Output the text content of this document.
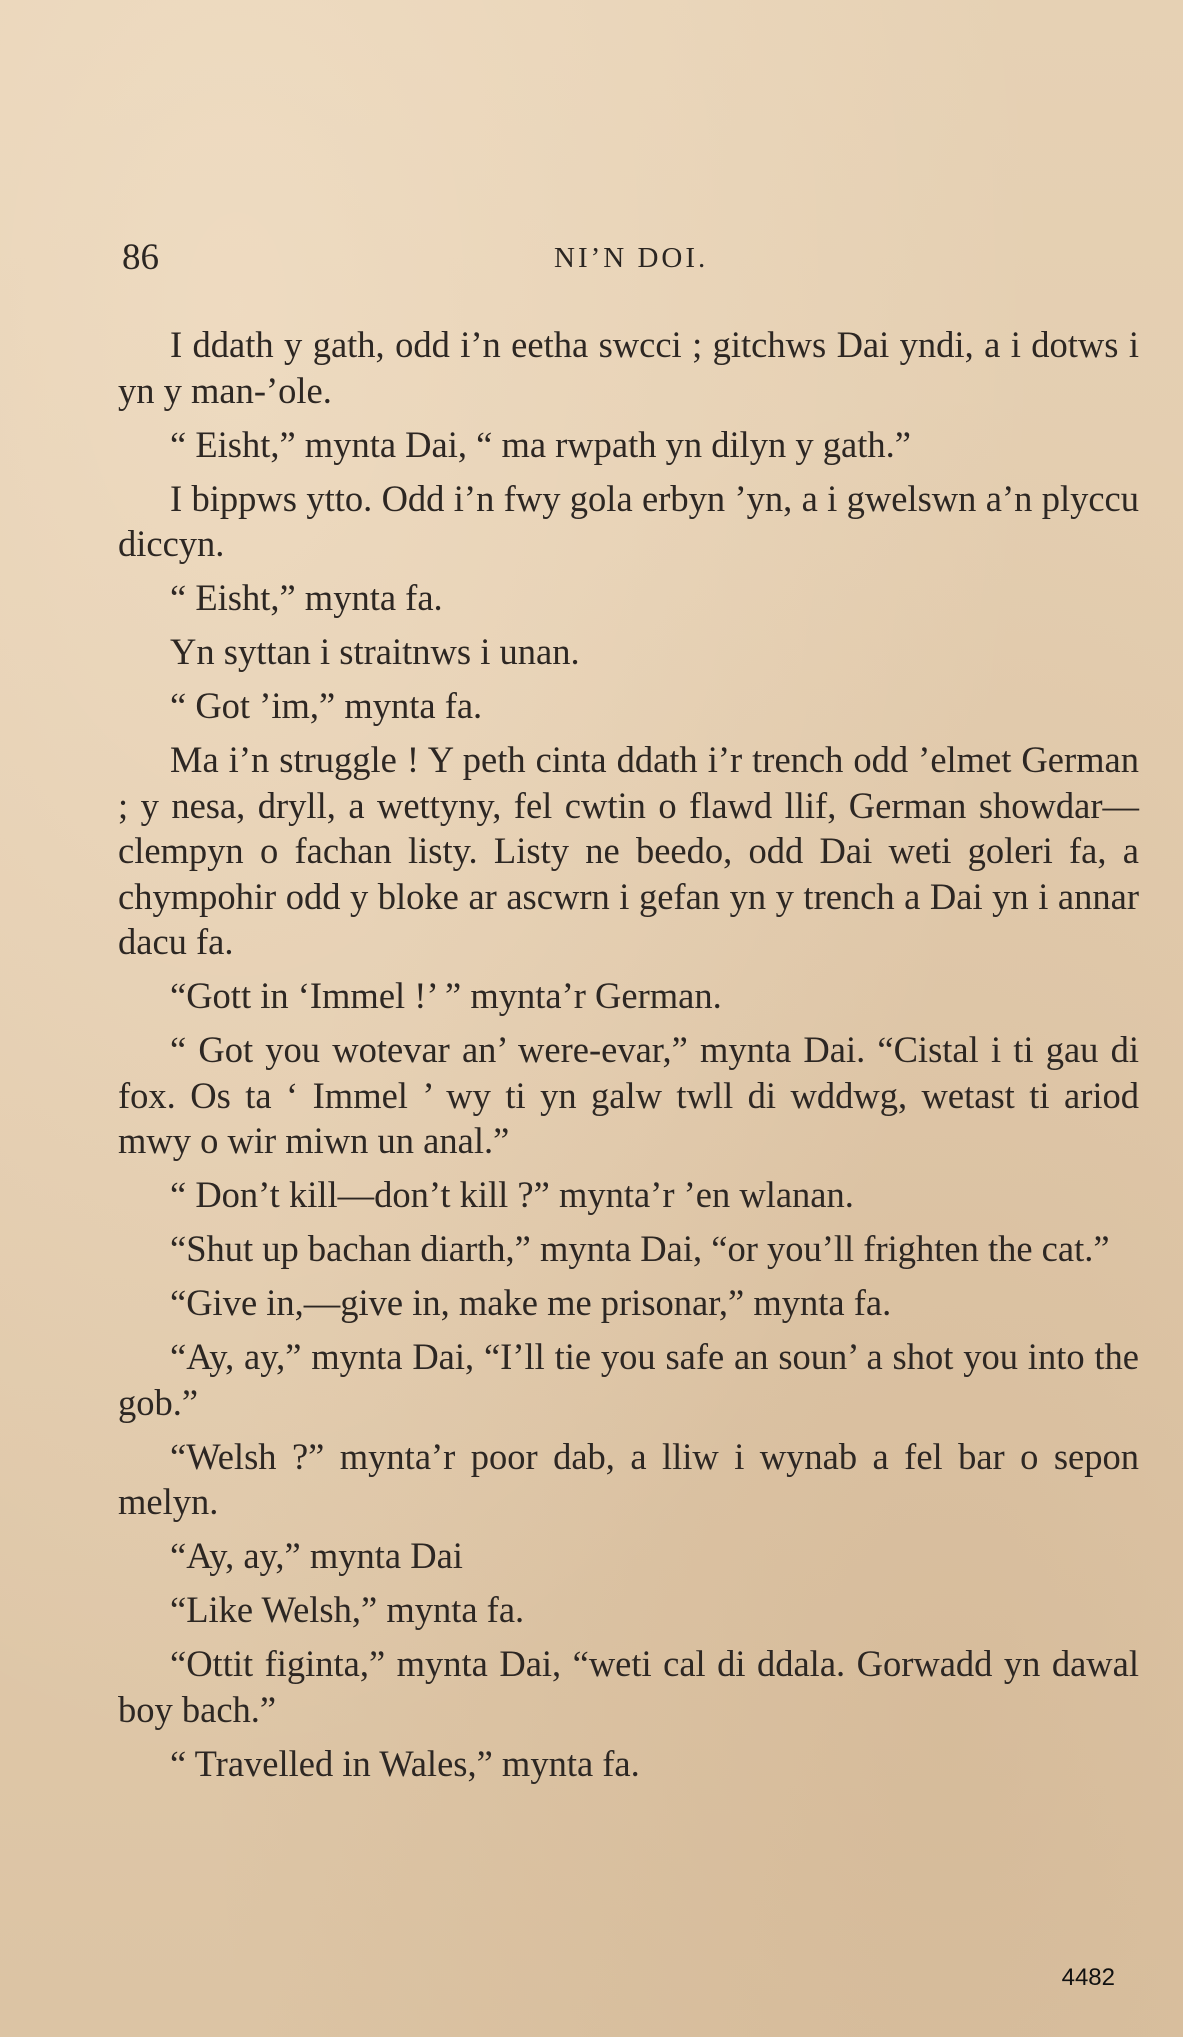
86	NI’N DOI.

I ddath y gath, odd i’n eetha swcci ; gitchws Dai yndi, a i dotws i yn y man-’ole.

“ Eisht,” mynta Dai, “ ma rwpath yn dilyn y gath.”

I bippws ytto. Odd i’n fwy gola erbyn ’yn, a i gwelswn a’n plyccu diccyn.

“ Eisht,” mynta fa.

Yn syttan i straitnws i unan.

“ Got ’im,” mynta fa.

Ma i’n struggle ! Y peth cinta ddath i’r trench odd ’elmet German ; y nesa, dryll, a wettyny, fel cwtin o flawd llif, German showdar—clempyn o fachan listy. Listy ne beedo, odd Dai weti goleri fa, a chympohir odd y bloke ar ascwrn i gefan yn y trench a Dai yn i annar dacu fa.

“Gott in ‘Immel !’ ” mynta’r German.

“ Got you wotevar an’ were-evar,” mynta Dai. “Cistal i ti gau di fox. Os ta ‘ Immel ’ wy ti yn galw twll di wddwg, wetast ti ariod mwy o wir miwn un anal.”

“ Don’t kill—don’t kill ?” mynta’r ’en wlanan.

“Shut up bachan diarth,” mynta Dai, “or you’ll frighten the cat.”

“Give in,—give in, make me prisonar,” mynta fa.

“Ay, ay,” mynta Dai, “I’ll tie you safe an soun’ a shot you into the gob.”

“Welsh ?” mynta’r poor dab, a lliw i wynab a fel bar o sepon melyn.

“Ay, ay,” mynta Dai

“Like Welsh,” mynta fa.

“Ottit figinta,” mynta Dai, “weti cal di ddala. Gorwadd yn dawal boy bach.”

“ Travelled in Wales,” mynta fa.

4482
